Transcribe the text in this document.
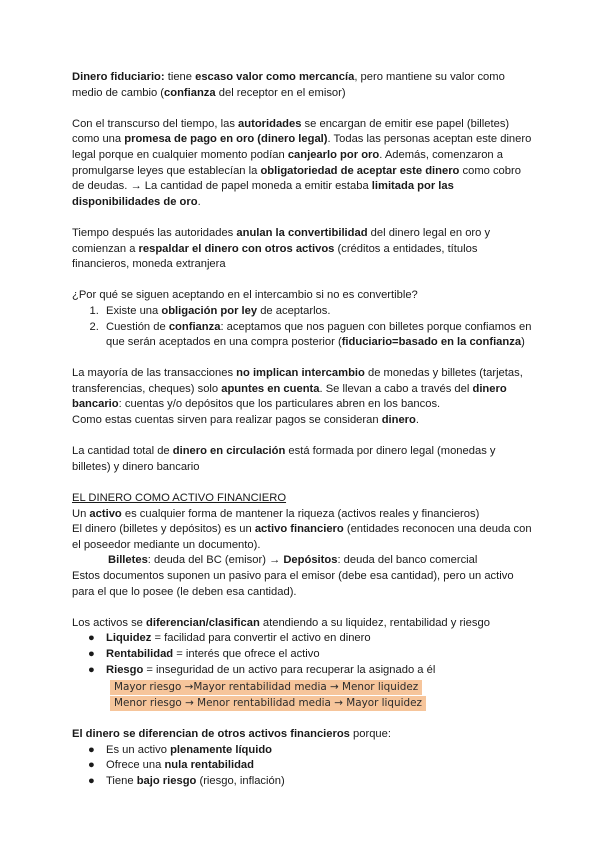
Dinero fiduciario: tiene escaso valor como mercancía, pero mantiene su valor como medio de cambio (confianza del receptor en el emisor)

Con el transcurso del tiempo, las autoridades se encargan de emitir ese papel (billetes) como una promesa de pago en oro (dinero legal). Todas las personas aceptan este dinero legal porque en cualquier momento podían canjearlo por oro. Además, comenzaron a promulgarse leyes que establecían la obligatoriedad de aceptar este dinero como cobro de deudas. → La cantidad de papel moneda a emitir estaba limitada por las disponibilidades de oro.

Tiempo después las autoridades anulan la convertibilidad del dinero legal en oro y comienzan a respaldar el dinero con otros activos (créditos a entidades, títulos financieros, moneda extranjera

¿Por qué se siguen aceptando en el intercambio si no es convertible?

1. Existe una obligación por ley de aceptarlos.
2. Cuestión de confianza: aceptamos que nos paguen con billetes porque confiamos en que serán aceptados en una compra posterior (fiduciario=basado en la confianza)

La mayoría de las transacciones no implican intercambio de monedas y billetes (tarjetas, transferencias, cheques) solo apuntes en cuenta. Se llevan a cabo a través del dinero bancario: cuentas y/o depósitos que los particulares abren en los bancos.

Como estas cuentas sirven para realizar pagos se consideran dinero.

La cantidad total de dinero en circulación está formada por dinero legal (monedas y billetes) y dinero bancario

EL DINERO COMO ACTIVO FINANCIERO

Un activo es cualquier forma de mantener la riqueza (activos reales y financieros)

El dinero (billetes y depósitos) es un activo financiero (entidades reconocen una deuda con el poseedor mediante un documento).

Billetes: deuda del BC (emisor) → Depósitos: deuda del banco comercial

Estos documentos suponen un pasivo para el emisor (debe esa cantidad), pero un activo para el que lo posee (le deben esa cantidad).

Los activos se diferencian/clasifican atendiendo a su liquidez, rentabilidad y riesgo

● Liquidez = facilidad para convertir el activo en dinero
● Rentabilidad = interés que ofrece el activo
● Riesgo = inseguridad de un activo para recuperar la asignado a él
Mayor riesgo →Mayor rentabilidad media → Menor liquidez
Menor riesgo → Menor rentabilidad media → Mayor liquidez

El dinero se diferencian de otros activos financieros porque:

● Es un activo plenamente líquido
● Ofrece una nula rentabilidad
● Tiene bajo riesgo (riesgo, inflación)
